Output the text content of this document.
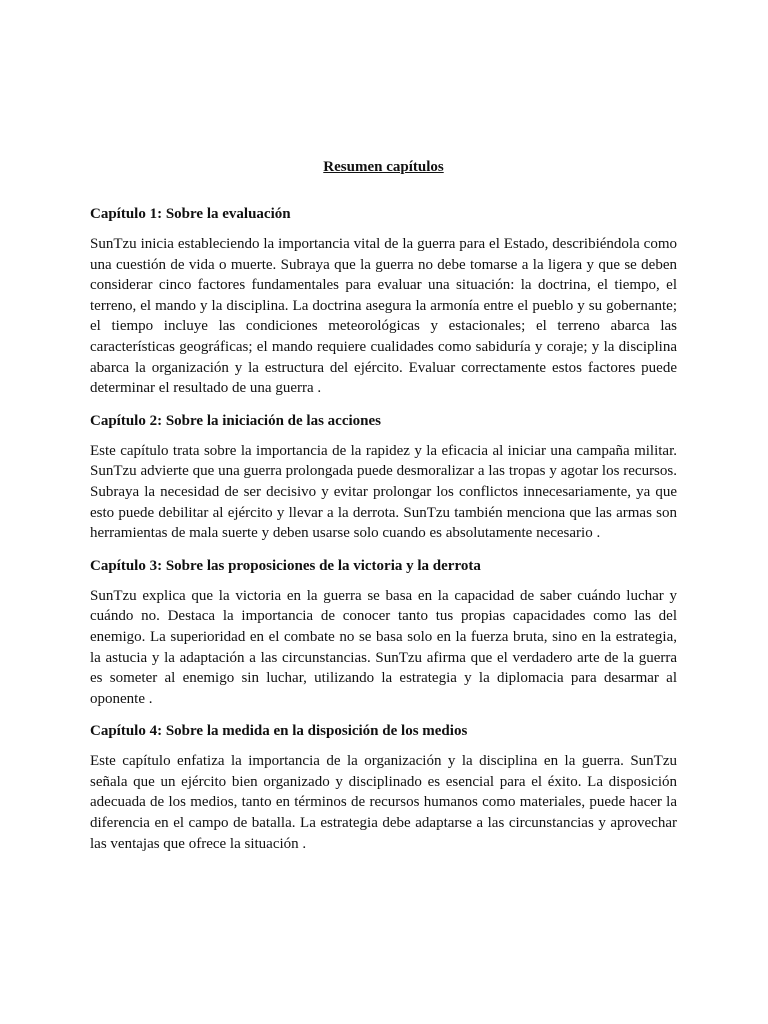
Resumen capítulos
Capítulo 1: Sobre la evaluación

SunTzu inicia estableciendo la importancia vital de la guerra para el Estado, describiéndola como una cuestión de vida o muerte. Subraya que la guerra no debe tomarse a la ligera y que se deben considerar cinco factores fundamentales para evaluar una situación: la doctrina, el tiempo, el terreno, el mando y la disciplina. La doctrina asegura la armonía entre el pueblo y su gobernante; el tiempo incluye las condiciones meteorológicas y estacionales; el terreno abarca las características geográficas; el mando requiere cualidades como sabiduría y coraje; y la disciplina abarca la organización y la estructura del ejército. Evaluar correctamente estos factores puede determinar el resultado de una guerra .

Capítulo 2: Sobre la iniciación de las acciones

Este capítulo trata sobre la importancia de la rapidez y la eficacia al iniciar una campaña militar. SunTzu advierte que una guerra prolongada puede desmoralizar a las tropas y agotar los recursos. Subraya la necesidad de ser decisivo y evitar prolongar los conflictos innecesariamente, ya que esto puede debilitar al ejército y llevar a la derrota. SunTzu también menciona que las armas son herramientas de mala suerte y deben usarse solo cuando es absolutamente necesario .

Capítulo 3: Sobre las proposiciones de la victoria y la derrota

SunTzu explica que la victoria en la guerra se basa en la capacidad de saber cuándo luchar y cuándo no. Destaca la importancia de conocer tanto tus propias capacidades como las del enemigo. La superioridad en el combate no se basa solo en la fuerza bruta, sino en la estrategia, la astucia y la adaptación a las circunstancias. SunTzu afirma que el verdadero arte de la guerra es someter al enemigo sin luchar, utilizando la estrategia y la diplomacia para desarmar al oponente .

Capítulo 4: Sobre la medida en la disposición de los medios

Este capítulo enfatiza la importancia de la organización y la disciplina en la guerra. SunTzu señala que un ejército bien organizado y disciplinado es esencial para el éxito. La disposición adecuada de los medios, tanto en términos de recursos humanos como materiales, puede hacer la diferencia en el campo de batalla. La estrategia debe adaptarse a las circunstancias y aprovechar las ventajas que ofrece la situación .
